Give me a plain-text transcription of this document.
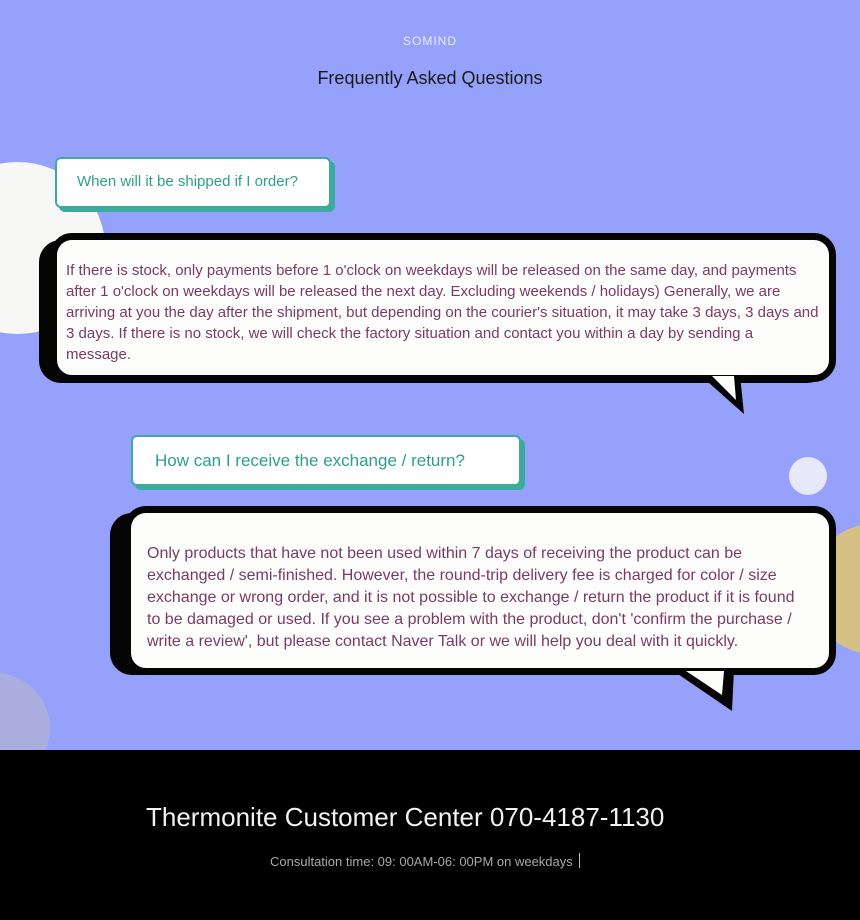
SOMIND
Frequently Asked Questions
When will it be shipped if I order?
If there is stock, only payments before 1 o'clock on weekdays will be released on the same day, and payments after 1 o'clock on weekdays will be released the next day. Excluding weekends / holidays) Generally, we are arriving at you the day after the shipment, but depending on the courier's situation, it may take 3 days, 3 days and 3 days. If there is no stock, we will check the factory situation and contact you within a day by sending a message.
How can I receive the exchange / return?
Only products that have not been used within 7 days of receiving the product can be exchanged / semi-finished. However, the round-trip delivery fee is charged for color / size exchange or wrong order, and it is not possible to exchange / return the product if it is found to be damaged or used. If you see a problem with the product, don't 'confirm the purchase / write a review', but please contact Naver Talk or we will help you deal with it quickly.
Thermonite Customer Center 070-4187-1130
Consultation time: 09: 00AM-06: 00PM on weekdays
